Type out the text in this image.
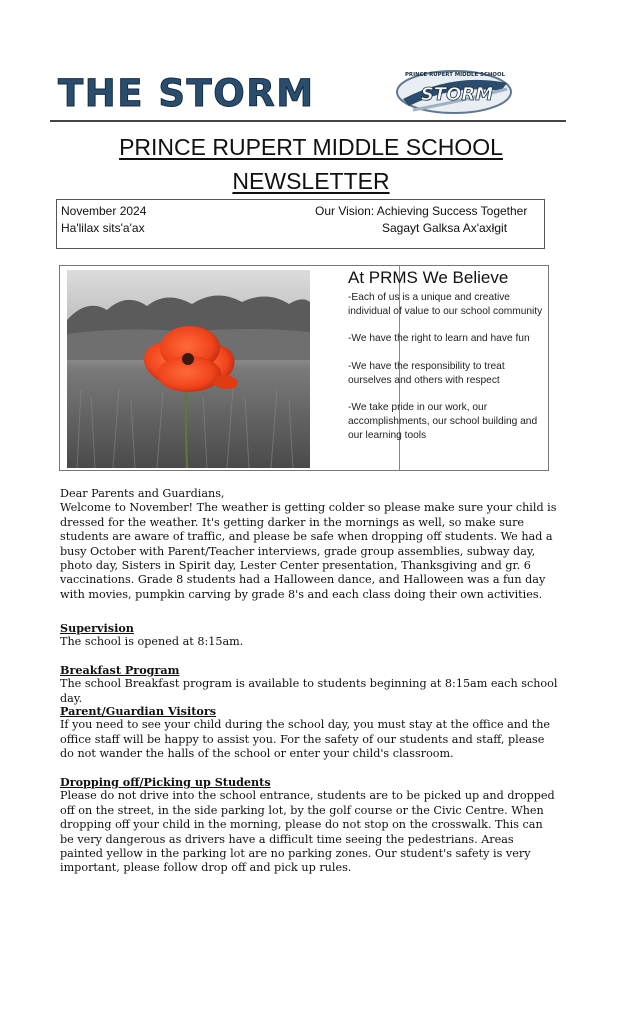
THE STORM	PRINCE RUPERT MIDDLE SCHOOL
STORM
PRINCE RUPERT MIDDLE SCHOOL
NEWSLETTER
November 2024
Ha'lilax sits'a'ax
Our Vision: Achieving Success Together
Sagayt Galksa Ax'axłgit
At PRMS We Believe

-Each of us is a unique and creative individual of value to our school community

-We have the right to learn and have fun

-We have the responsibility to treat ourselves and others with respect

-We take pride in our work, our accomplishments, our school building and our learning tools

Dear Parents and Guardians,

Welcome to November! The weather is getting colder so please make sure your child is dressed for the weather. It's getting darker in the mornings as well, so make sure students are aware of traffic, and please be safe when dropping off students. We had a busy October with Parent/Teacher interviews, grade group assemblies, subway day, photo day, Sisters in Spirit day, Lester Center presentation, Thanksgiving and gr. 6 vaccinations. Grade 8 students had a Halloween dance, and Halloween was a fun day with movies, pumpkin carving by grade 8's and each class doing their own activities.

Supervision

The school is opened at 8:15am.

Breakfast Program

The school Breakfast program is available to students beginning at 8:15am each school day.

Parent/Guardian Visitors

If you need to see your child during the school day, you must stay at the office and the office staff will be happy to assist you. For the safety of our students and staff, please do not wander the halls of the school or enter your child's classroom.

Dropping off/Picking up Students

Please do not drive into the school entrance, students are to be picked up and dropped off on the street, in the side parking lot, by the golf course or the Civic Centre. When dropping off your child in the morning, please do not stop on the crosswalk. This can be very dangerous as drivers have a difficult time seeing the pedestrians. Areas painted yellow in the parking lot are no parking zones. Our student's safety is very important, please follow drop off and pick up rules.
